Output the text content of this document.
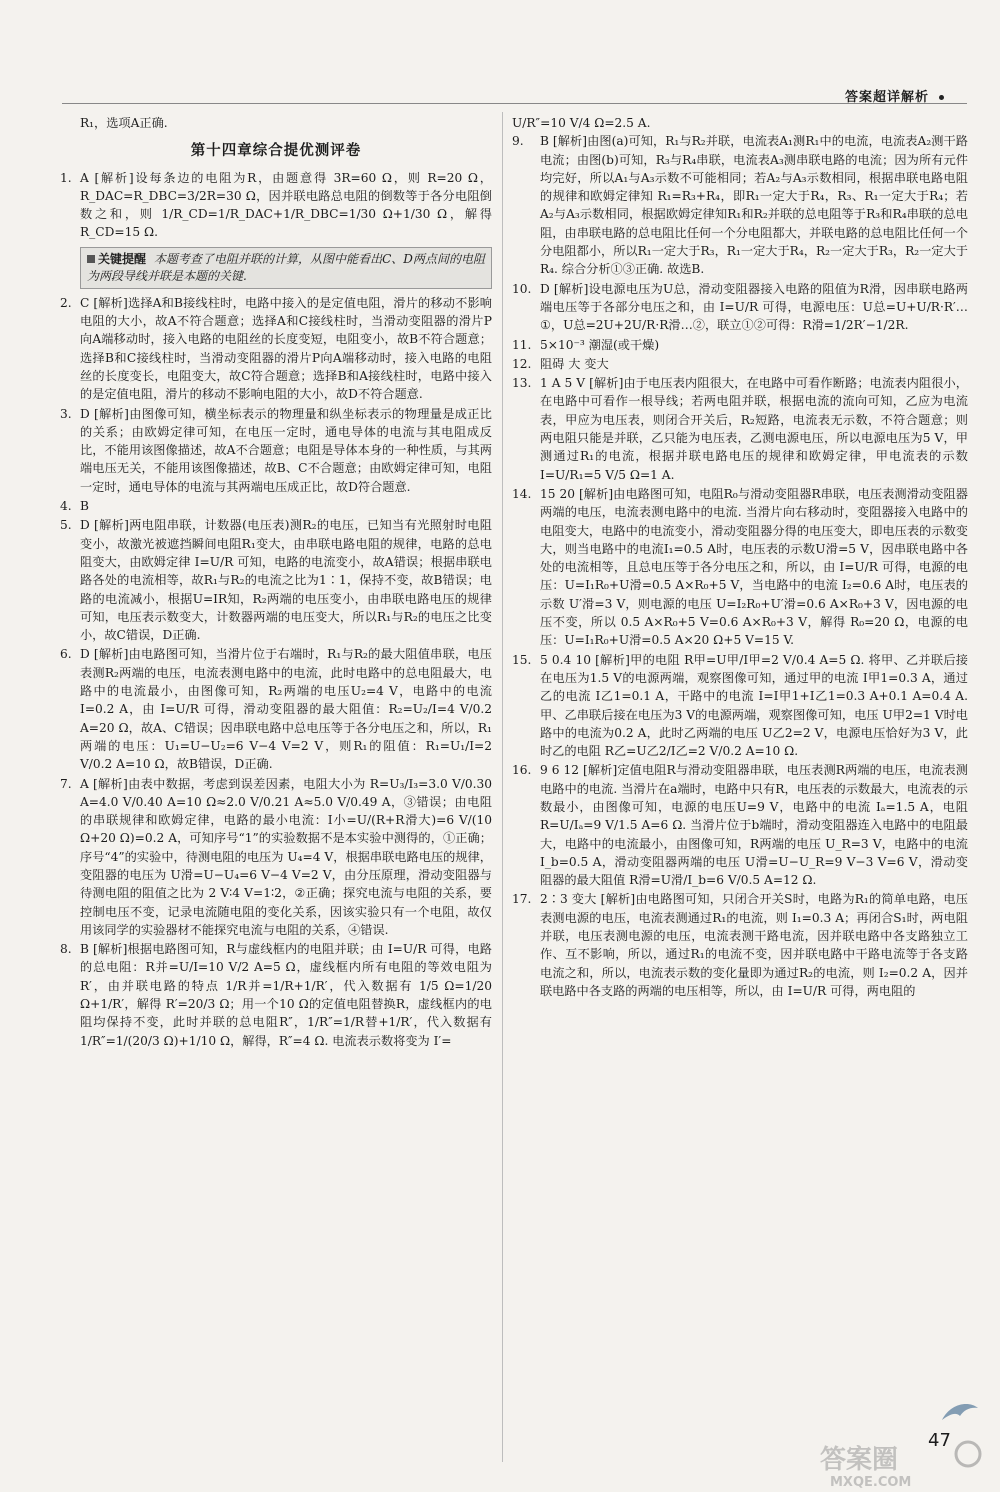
答案超详解析
R₁，选项A正确.
第十四章综合提优测评卷
1. A [解析]设每条边的电阻为R，由题意得 3R=60 Ω，则 R=20 Ω，R_DAC=R_DBC=3/2R=30 Ω，因并联电路总电阻的倒数等于各分电阻倒数之和，则 1/R_CD=1/R_DAC+1/R_DBC=1/30 Ω+1/30 Ω，解得 R_CD=15 Ω.
关键提醒 本题考查了电阻并联的计算，从图中能看出C、D两点间的电阻为两段导线并联是本题的关键.
2. C [解析]选择A和B接线柱时，电路中接入的是定值电阻，滑片的移动不影响电阻的大小，故A不符合题意；选择A和C接线柱时，当滑动变阻器的滑片P向A端移动时，接入电路的电阻丝的长度变短，电阻变小，故B不符合题意；选择B和C接线柱时，当滑动变阻器的滑片P向A端移动时，接入电路的电阻丝的长度变长，电阻变大，故C符合题意；选择B和A接线柱时，电路中接入的是定值电阻，滑片的移动不影响电阻的大小，故D不符合题意.
3. D [解析]由图像可知，横坐标表示的物理量和纵坐标表示的物理量是成正比的关系；由欧姆定律可知，在电压一定时，通电导体的电流与其电阻成反比，不能用该图像描述，故A不合题意；电阻是导体本身的一种性质，与其两端电压无关，不能用该图像描述，故B、C不合题意；由欧姆定律可知，电阻一定时，通电导体的电流与其两端电压成正比，故D符合题意.
4. B
5. D [解析]两电阻串联，计数器(电压表)测R₂的电压，已知当有光照射时电阻变小，故激光被遮挡瞬间电阻R₁变大，由串联电路电阻的规律，电路的总电阻变大，由欧姆定律 I=U/R 可知，电路的电流变小，故A错误；根据串联电路各处的电流相等，故R₁与R₂的电流之比为1∶1，保持不变，故B错误；电路的电流减小，根据U=IR知，R₂两端的电压变小，由串联电路电压的规律可知，电压表示数变大，计数器两端的电压变大，所以R₁与R₂的电压之比变小，故C错误，D正确.
6. D [解析]由电路图可知，当滑片位于右端时，R₁与R₂的最大阻值串联，电压表测R₂两端的电压，电流表测电路中的电流，此时电路中的总电阻最大，电路中的电流最小，由图像可知，R₂两端的电压U₂=4 V，电路中的电流 I=0.2 A，由 I=U/R 可得，滑动变阻器的最大阻值：R₂=U₂/I=4 V/0.2 A=20 Ω，故A、C错误；因串联电路中总电压等于各分电压之和，所以，R₁两端的电压：U₁=U−U₂=6 V−4 V=2 V，则R₁的阻值：R₁=U₁/I=2 V/0.2 A=10 Ω，故B错误，D正确.
7. A [解析]由表中数据，考虑到误差因素，电阻大小为 R=U₃/I₃=3.0 V/0.30 A=4.0 V/0.40 A=10 Ω≈2.0 V/0.21 A≈5.0 V/0.49 A，③错误；由电阻的串联规律和欧姆定律，电路的最小电流：I小=U/(R+R滑大)=6 V/(10 Ω+20 Ω)=0.2 A，可知序号“1”的实验数据不是本实验中测得的，①正确；序号“4”的实验中，待测电阻的电压为 U₄=4 V，根据串联电路电压的规律，变阻器的电压为 U滑=U−U₄=6 V−4 V=2 V，由分压原理，滑动变阻器与待测电阻的阻值之比为 2 V∶4 V=1∶2，②正确；探究电流与电阻的关系，要控制电压不变，记录电流随电阻的变化关系，因该实验只有一个电阻，故仅用该同学的实验器材不能探究电流与电阻的关系，④错误.
8. B [解析]根据电路图可知，R与虚线框内的电阻并联；由 I=U/R 可得，电路的总电阻：R并=U/I=10 V/2 A=5 Ω，虚线框内所有电阻的等效电阻为R′，由并联电路的特点 1/R并=1/R+1/R′，代入数据有 1/5 Ω=1/20 Ω+1/R′，解得 R′=20/3 Ω；用一个10 Ω的定值电阻替换R，虚线框内的电阻均保持不变，此时并联的总电阻R″，1/R″=1/R替+1/R′，代入数据有 1/R″=1/(20/3 Ω)+1/10 Ω，解得，R″=4 Ω. 电流表示数将变为 I′=
U/R″=10 V/4 Ω=2.5 A.
9. B [解析]由图(a)可知，R₁与R₂并联，电流表A₁测R₁中的电流，电流表A₂测干路电流；由图(b)可知，R₃与R₄串联，电流表A₃测串联电路的电流；因为所有元件均完好，所以A₁与A₃示数不可能相同；若A₂与A₃示数相同，根据串联电路电阻的规律和欧姆定律知 R₁=R₃+R₄，即R₁一定大于R₄，R₃、R₁一定大于R₄；若A₂与A₃示数相同，根据欧姆定律知R₁和R₂并联的总电阻等于R₃和R₄串联的总电阻，由串联电路的总电阻比任何一个分电阻都大，并联电路的总电阻比任何一个分电阻都小，所以R₁一定大于R₃，R₁一定大于R₄，R₂一定大于R₃，R₂一定大于R₄. 综合分析①③正确. 故选B.
10. D [解析]设电源电压为U总，滑动变阻器接入电路的阻值为R滑，因串联电路两端电压等于各部分电压之和，由 I=U/R 可得，电源电压：U总=U+U/R·R′…①，U总=2U+2U/R·R滑…②，联立①②可得：R滑=1/2R′−1/2R.
11. 5×10⁻³ 潮湿(或干燥)
12. 阻碍 大 变大
13. 1 A 5 V [解析]由于电压表内阻很大，在电路中可看作断路；电流表内阻很小，在电路中可看作一根导线；若两电阻并联，根据电流的流向可知，乙应为电流表，甲应为电压表，则闭合开关后，R₂短路，电流表无示数，不符合题意；则两电阻只能是并联，乙只能为电压表，乙测电源电压，所以电源电压为5 V，甲测通过R₁的电流，根据并联电路电压的规律和欧姆定律，甲电流表的示数 I=U/R₁=5 V/5 Ω=1 A.
14. 15 20 [解析]由电路图可知，电阻R₀与滑动变阻器R串联，电压表测滑动变阻器两端的电压，电流表测电路中的电流. 当滑片向右移动时，变阻器接入电路中的电阻变大，电路中的电流变小，滑动变阻器分得的电压变大，即电压表的示数变大，则当电路中的电流I₁=0.5 A时，电压表的示数U滑=5 V，因串联电路中各处的电流相等，且总电压等于各分电压之和，所以，由 I=U/R 可得，电源的电压：U=I₁R₀+U滑=0.5 A×R₀+5 V，当电路中的电流 I₂=0.6 A时，电压表的示数 U′滑=3 V，则电源的电压 U=I₂R₀+U′滑=0.6 A×R₀+3 V，因电源的电压不变，所以 0.5 A×R₀+5 V=0.6 A×R₀+3 V，解得 R₀=20 Ω，电源的电压：U=I₁R₀+U滑=0.5 A×20 Ω+5 V=15 V.
15. 5 0.4 10 [解析]甲的电阻 R甲=U甲/I甲=2 V/0.4 A=5 Ω. 将甲、乙并联后接在电压为1.5 V的电源两端，观察图像可知，通过甲的电流 I甲1=0.3 A，通过乙的电流 I乙1=0.1 A，干路中的电流 I=I甲1+I乙1=0.3 A+0.1 A=0.4 A. 甲、乙串联后接在电压为3 V的电源两端，观察图像可知，电压 U甲2=1 V时电路中的电流为0.2 A，此时乙两端的电压 U乙2=2 V，电源电压恰好为3 V，此时乙的电阻 R乙=U乙2/I乙=2 V/0.2 A=10 Ω.
16. 9 6 12 [解析]定值电阻R与滑动变阻器串联，电压表测R两端的电压，电流表测电路中的电流. 当滑片在a端时，电路中只有R，电压表的示数最大，电流表的示数最小，由图像可知，电源的电压U=9 V，电路中的电流 Iₐ=1.5 A，电阻 R=U/Iₐ=9 V/1.5 A=6 Ω. 当滑片位于b端时，滑动变阻器连入电路中的电阻最大，电路中的电流最小，由图像可知，R两端的电压 U_R=3 V，电路中的电流 I_b=0.5 A，滑动变阻器两端的电压 U滑=U−U_R=9 V−3 V=6 V，滑动变阻器的最大阻值 R滑=U滑/I_b=6 V/0.5 A=12 Ω.
17. 2∶3 变大 [解析]由电路图可知，只闭合开关S时，电路为R₁的简单电路，电压表测电源的电压，电流表测通过R₁的电流，则 I₁=0.3 A；再闭合S₁时，两电阻并联，电压表测电源的电压，电流表测干路电流，因并联电路中各支路独立工作、互不影响，所以，通过R₁的电流不变，因并联电路中干路电流等于各支路电流之和，所以，电流表示数的变化量即为通过R₂的电流，则 I₂=0.2 A，因并联电路中各支路的两端的电压相等，所以，由 I=U/R 可得，两电阻的
47
答案圈
MXQE.COM
